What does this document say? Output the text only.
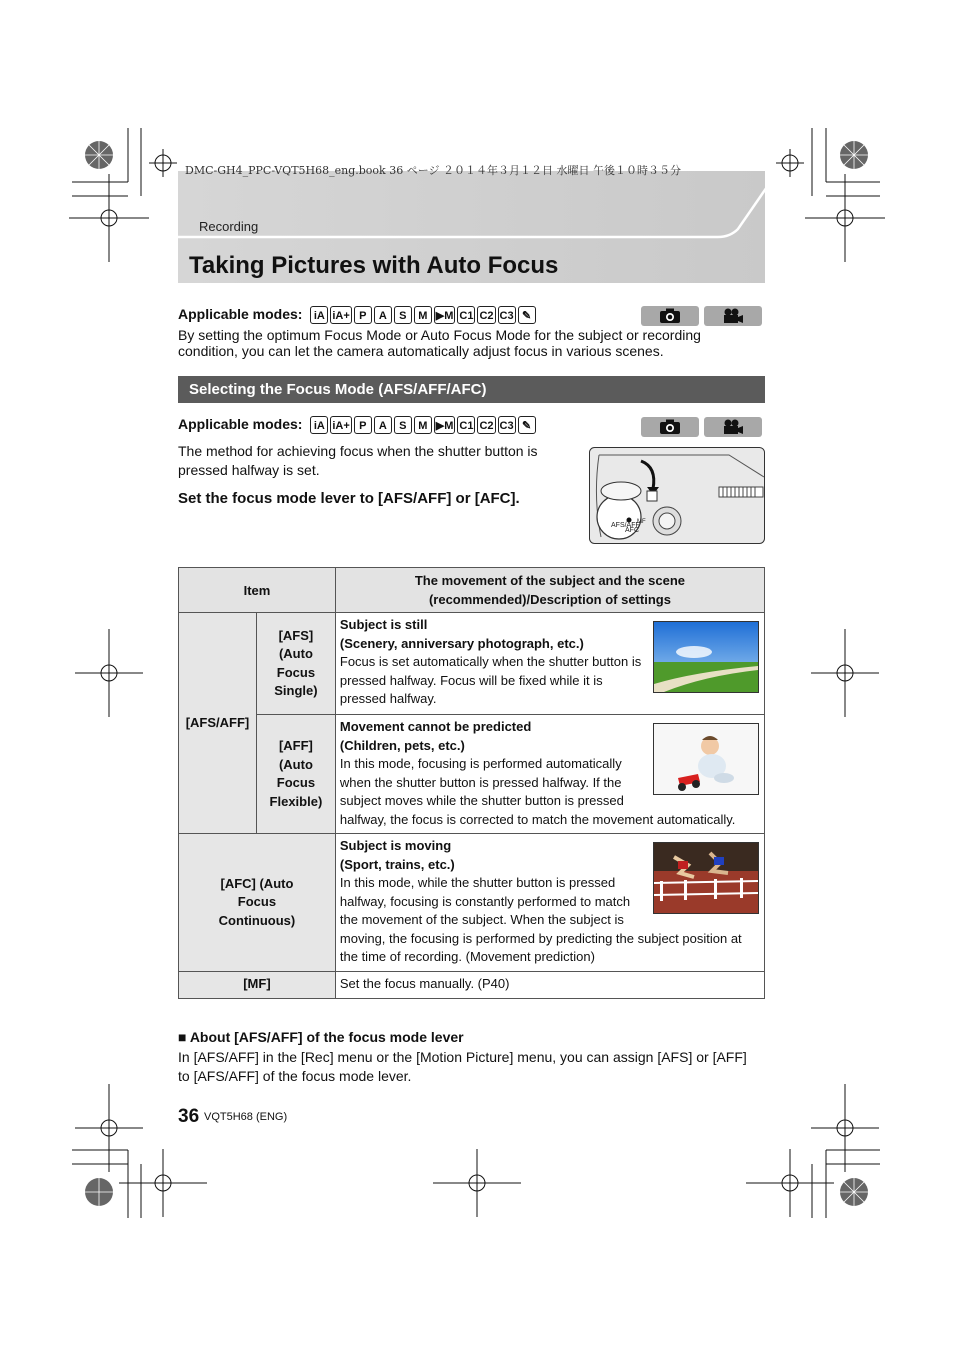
DMC-GH4_PPC-VQT5H68_eng.book 36 ページ ２０１４年３月１２日 水曜日 午後１０時３５分
Recording
Taking Pictures with Auto Focus
Applicable modes:	iA iA+ P	A	S	M ▶M C1 C2 C3 ✎
By setting the optimum Focus Mode or Auto Focus Mode for the subject or recording condition, you can let the camera automatically adjust focus in various scenes.
Selecting the Focus Mode (AFS/AFF/AFC)
Applicable modes:	iA iA+ P	A	S	M ▶M C1 C2 C3 ✎
The method for achieving focus when the shutter button is pressed halfway is set.
Set the focus mode lever to [AFS/AFF] or [AFC].
AFS/AFF
AFC
MF
Item		The movement of the subject and the scene (recommended)/Description of settings
[AFS/AFF]	[AFS] (Auto Focus Single)	Subject is still
(Scenery, anniversary photograph, etc.)
Focus is set automatically when the shutter button is pressed halfway. Focus will be fixed while it is pressed halfway.

	[AFF] (Auto Focus Flexible)	Movement cannot be predicted
(Children, pets, etc.)
In this mode, focusing is performed automatically when the shutter button is pressed halfway. If the subject moves while the shutter button is pressed halfway, the focus is corrected to match the movement automatically.

[AFC] (Auto Focus Continuous)		Subject is moving
(Sport, trains, etc.)
In this mode, while the shutter button is pressed halfway, focusing is constantly performed to match the movement of the subject. When the subject is moving, the focusing is performed by predicting the subject position at the time of recording. (Movement prediction)

[MF]		Set the focus manually. (P40)
■ About [AFS/AFF] of the focus mode lever
In [AFS/AFF] in the [Rec] menu or the [Motion Picture] menu, you can assign [AFS] or [AFF] to [AFS/AFF] of the focus mode lever.
36 VQT5H68 (ENG)
